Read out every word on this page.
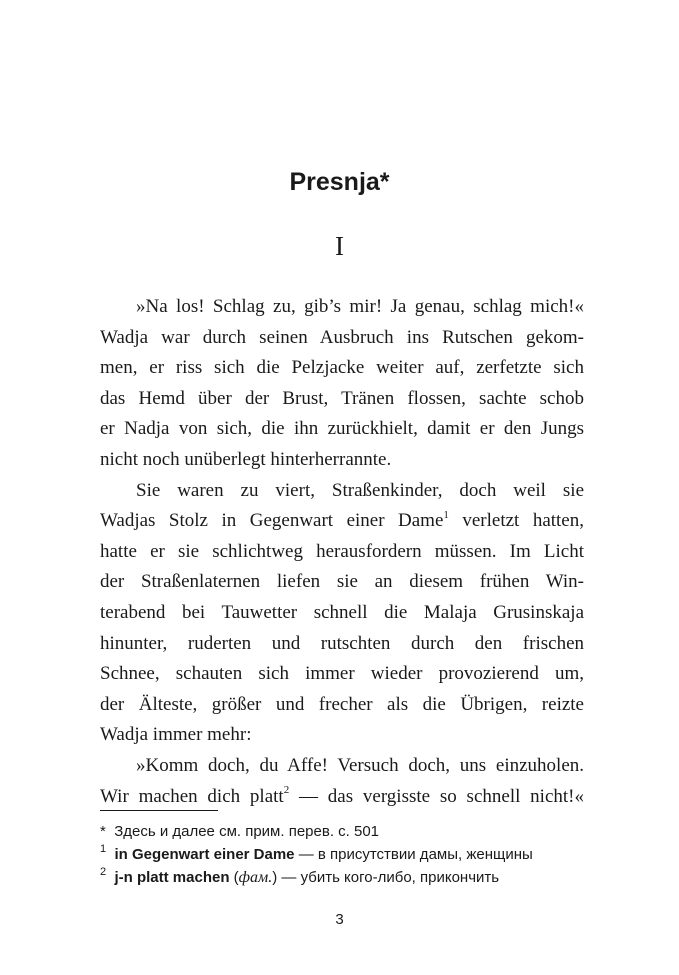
Presnja*
I

»Na los! Schlag zu, gib’s mir! Ja genau, schlag mich!«
Wadja war durch seinen Ausbruch ins Rutschen gekom-
men, er riss sich die Pelzjacke weiter auf, zerfetzte sich
das Hemd über der Brust, Tränen flossen, sachte schob
er Nadja von sich, die ihn zurückhielt, damit er den Jungs
nicht noch unüberlegt hinterherrannte.

Sie waren zu viert, Straßenkinder, doch weil sie
Wadjas Stolz in Gegenwart einer Dame$^1$ verletzt hatten,
hatte er sie schlichtweg herausfordern müssen. Im Licht
der Straßenlaternen liefen sie an diesem frühen Win-
terabend bei Tauwetter schnell die Malaja Grusinskaja
hinunter, ruderten und rutschten durch den frischen
Schnee, schauten sich immer wieder provozierend um,
der Älteste, größer und frecher als die Übrigen, reizte
Wadja immer mehr:

»Komm doch, du Affe! Versuch doch, uns einzuholen.
Wir machen dich platt$^2$ — das vergisste so schnell nicht!«

* Здесь и далее см. прим. перев. с. 501

$^1$ in Gegenwart einer Dame — в присутствии дамы, женщины

$^2$ j-n platt machen (фам.) — убить кого-либо, прикончить

3
